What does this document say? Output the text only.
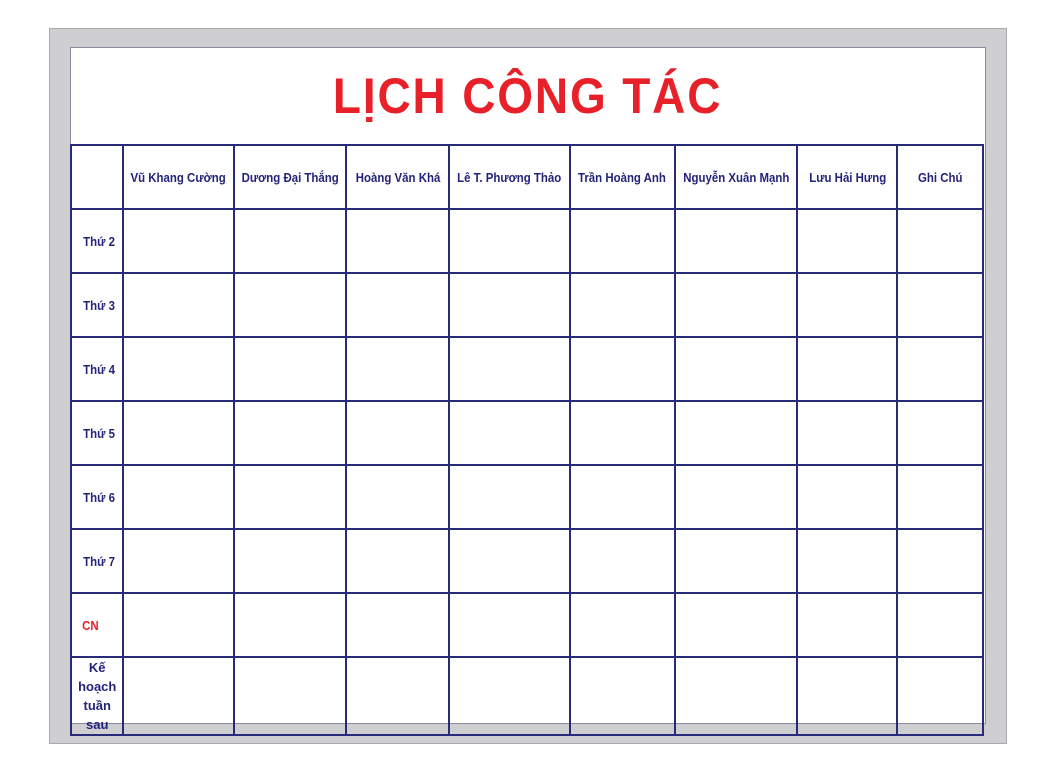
LỊCH CÔNG TÁC
	Vũ Khang Cường	Dương Đại Thắng	Hoàng Văn Khá	Lê T. Phương Thảo	Trần Hoàng Anh	Nguyễn Xuân Mạnh	Lưu Hải Hưng	Ghi Chú
Thứ 2								
Thứ 3								
Thứ 4								
Thứ 5								
Thứ 6								
Thứ 7								
CN								
Kế hoạch tuần sau								
